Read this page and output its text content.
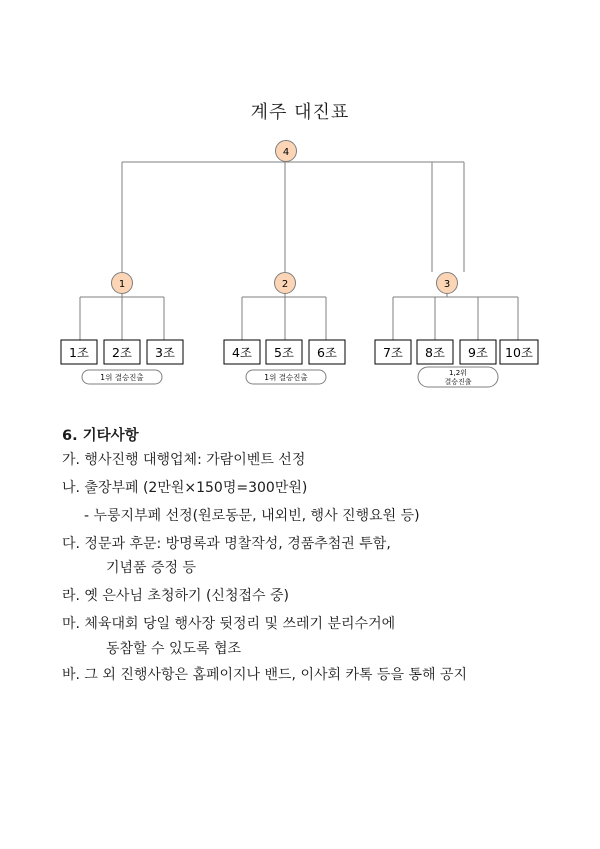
계주 대진표
4
1	2	3
1조 2조 3조	4조 5조 6조	7조 8조 9조 10조
1위 결승진출	1위 결승진출	1,2위
결승진출
6. 기타사항
가. 행사진행 대행업체: 가람이벤트 선정
나. 출장부페 (2만원×150명=300만원)
- 누룽지부페 선정(원로동문, 내외빈, 행사 진행요원 등)
다. 정문과 후문: 방명록과 명찰작성, 경품추첨권 투함,
기념품 증정 등
라. 옛 은사님 초청하기 (신청접수 중)
마. 체육대회 당일 행사장 뒷정리 및 쓰레기 분리수거에
동참할 수 있도록 협조
바. 그 외 진행사항은 홈페이지나 밴드, 이사회 카톡 등을 통해 공지
